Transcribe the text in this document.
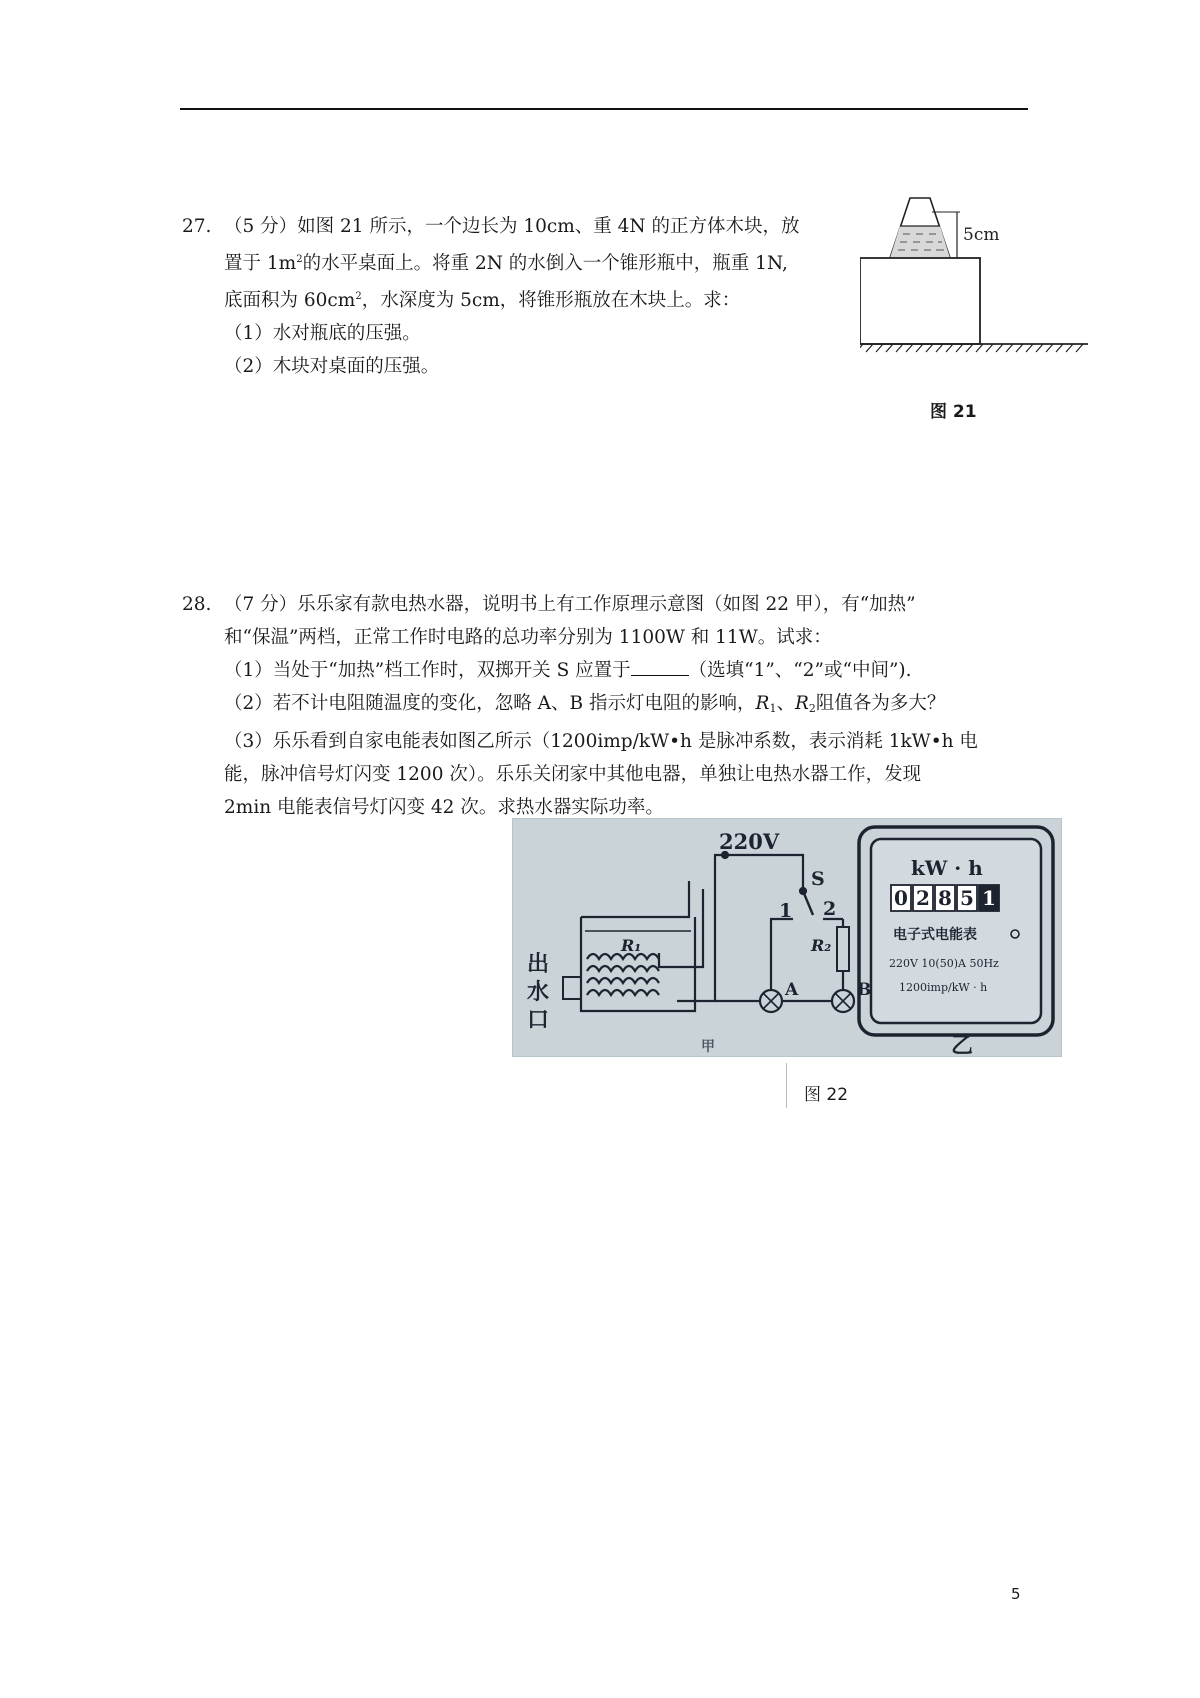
27. （5 分）如图 21 所示，一个边长为 10cm、重 4N 的正方体木块，放
置于 $1m^2$的水平桌面上。将重 2N 的水倒入一个锥形瓶中，瓶重 1N,
底面积为 $60cm^2$，水深度为 5cm，将锥形瓶放在木块上。求：
（1）水对瓶底的压强。
（2）木块对桌面的压强。
5cm
图 21
28. （7 分）乐乐家有款电热水器，说明书上有工作原理示意图（如图 22 甲），有“加热”
和“保温”两档，正常工作时电路的总功率分别为 1100W 和 11W。试求：
（1）当处于“加热”档工作时，双掷开关 S 应置于	（选填“1”、“2”或“中间”).
（2）若不计电阻随温度的变化，忽略 A、B 指示灯电阻的影响，$R_1$、$R_2$阻值各为多大？
（3）乐乐看到自家电能表如图乙所示（1200imp/kW•h 是脉冲系数，表示消耗 1kW•h 电
能，脉冲信号灯闪变 1200 次）。乐乐关闭家中其他电器，单独让电热水器工作，发现
2min 电能表信号灯闪变 42 次。求热水器实际功率。
220V
S
1 2
R₁	R₂
A	B
出
水
口
甲	乙
kW · h
0 2 8 5 1
电子式电能表
220V 10(50)A 50Hz
1200imp/kW · h
图 22
5
